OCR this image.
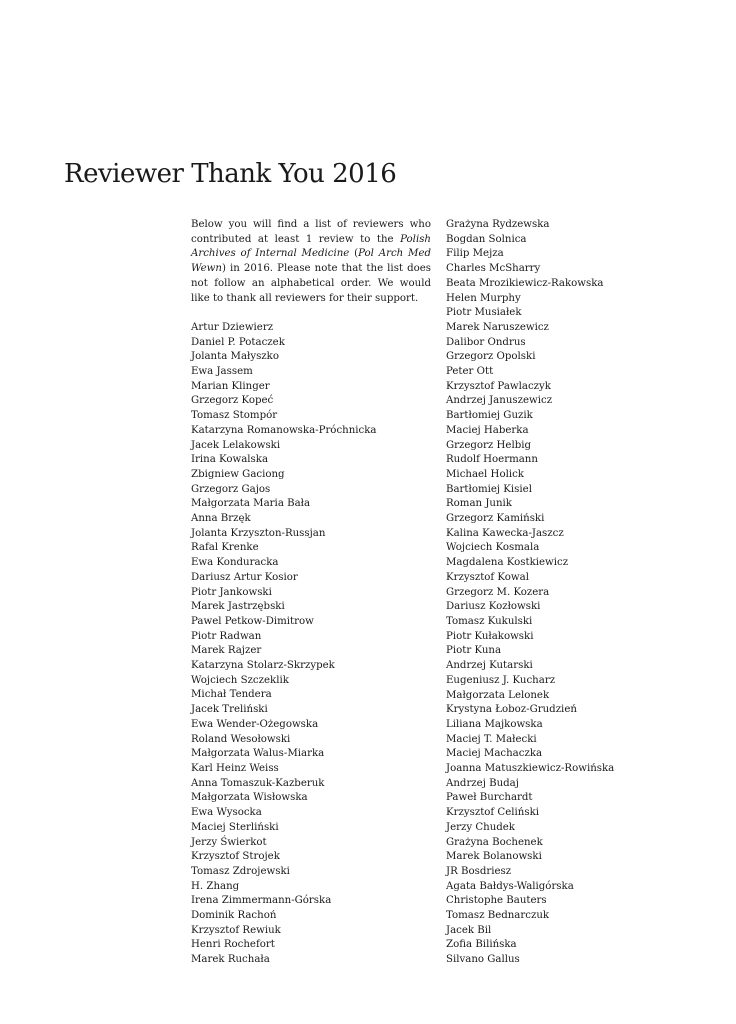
Reviewer Thank You 2016

Below you will find a list of reviewers who contributed at least 1 review to the Polish Archives of Internal Medicine (Pol Arch Med Wewn) in 2016. Please note that the list does not follow an alphabetical order. We would like to thank all reviewers for their support.

Artur Dziewierz
Daniel P. Potaczek
Jolanta Małyszko
Ewa Jassem
Marian Klinger
Grzegorz Kopeć
Tomasz Stompór
Katarzyna Romanowska-Próchnicka
Jacek Lelakowski
Irina Kowalska
Zbigniew Gaciong
Grzegorz Gajos
Małgorzata Maria Bała
Anna Brzęk
Jolanta Krzyszton-Russjan
Rafal Krenke
Ewa Konduracka
Dariusz Artur Kosior
Piotr Jankowski
Marek Jastrzębski
Pawel Petkow-Dimitrow
Piotr Radwan
Marek Rajzer
Katarzyna Stolarz-Skrzypek
Wojciech Szczeklik
Michał Tendera
Jacek Treliński
Ewa Wender-Ożegowska
Roland Wesołowski
Małgorzata Walus-Miarka
Karl Heinz Weiss
Anna Tomaszuk-Kazberuk
Małgorzata Wisłowska
Ewa Wysocka
Maciej Sterliński
Jerzy Świerkot
Krzysztof Strojek
Tomasz Zdrojewski
H. Zhang
Irena Zimmermann-Górska
Dominik Rachoń
Krzysztof Rewiuk
Henri Rochefort
Marek Ruchała
Grażyna Rydzewska
Bogdan Solnica
Filip Mejza
Charles McSharry
Beata Mrozikiewicz-Rakowska
Helen Murphy
Piotr Musiałek
Marek Naruszewicz
Dalibor Ondrus
Grzegorz Opolski
Peter Ott
Krzysztof Pawlaczyk
Andrzej Januszewicz
Bartłomiej Guzik
Maciej Haberka
Grzegorz Helbig
Rudolf Hoermann
Michael Holick
Bartłomiej Kisiel
Roman Junik
Grzegorz Kamiński
Kalina Kawecka-Jaszcz
Wojciech Kosmala
Magdalena Kostkiewicz
Krzysztof Kowal
Grzegorz M. Kozera
Dariusz Kozłowski
Tomasz Kukulski
Piotr Kułakowski
Piotr Kuna
Andrzej Kutarski
Eugeniusz J. Kucharz
Małgorzata Lelonek
Krystyna Łoboz-Grudzień
Liliana Majkowska
Maciej T. Małecki
Maciej Machaczka
Joanna Matuszkiewicz-Rowińska
Andrzej Budaj
Paweł Burchardt
Krzysztof Celiński
Jerzy Chudek
Grażyna Bochenek
Marek Bolanowski
JR Bosdriesz
Agata Bałdys-Waligórska
Christophe Bauters
Tomasz Bednarczuk
Jacek Bil
Zofia Bilińska
Silvano Gallus
